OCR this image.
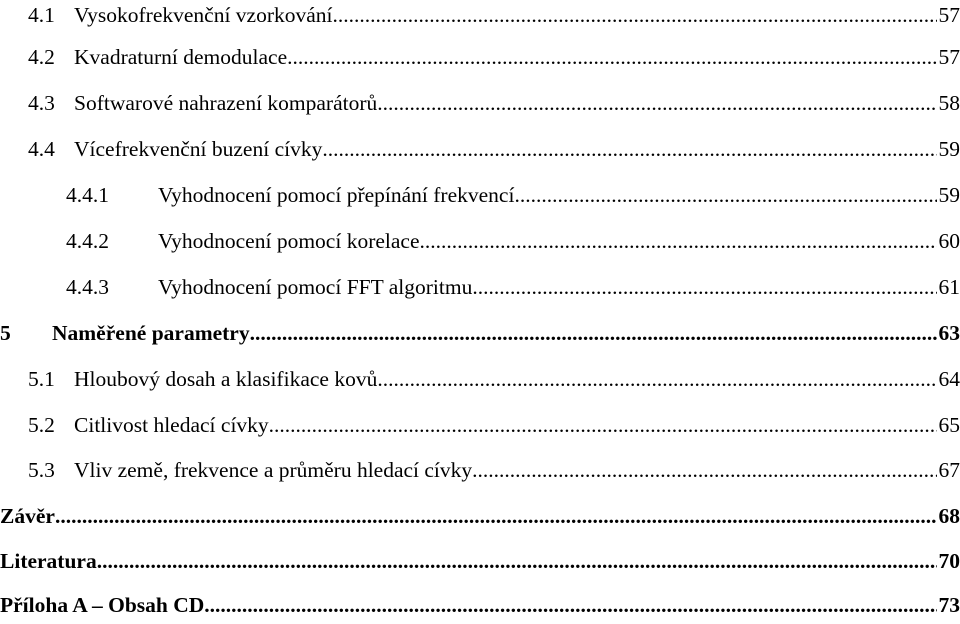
4.1 Vysokofrekvenční vzorkování .....	57
4.2 Kvadraturní demodulace .....	57
4.3 Softwarové nahrazení komparátorů .....	58
4.4 Vícefrekvenční buzení cívky .....	59
4.4.1	Vyhodnocení pomocí přepínání frekvencí .....	59
4.4.2	Vyhodnocení pomocí korelace .....	60
4.4.3	Vyhodnocení pomocí FFT algoritmu .....	61
5	Naměřené parametry .....	63
5.1 Hloubový dosah a klasifikace kovů .....	64
5.2 Citlivost hledací cívky .....	65
5.3 Vliv země, frekvence a průměru hledací cívky .....	67
Závěr .....	68
Literatura .....	70
Příloha A – Obsah CD .....	73
